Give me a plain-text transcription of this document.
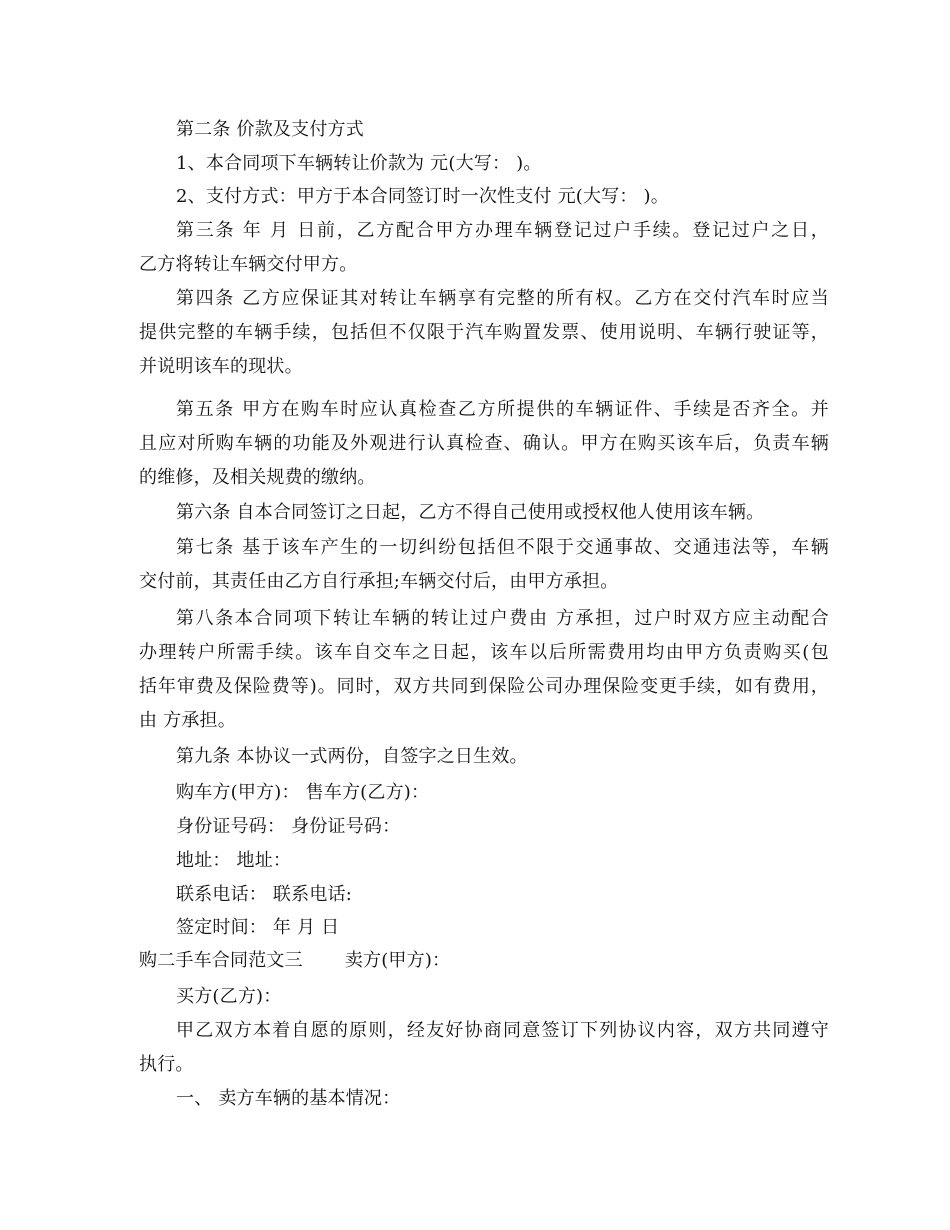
第二条 价款及支付方式
1、本合同项下车辆转让价款为 元(大写： )。
2、支付方式：甲方于本合同签订时一次性支付 元(大写： )。
第三条 年 月 日前，乙方配合甲方办理车辆登记过户手续。登记过户之日，
乙方将转让车辆交付甲方。
第四条 乙方应保证其对转让车辆享有完整的所有权。乙方在交付汽车时应当
提供完整的车辆手续，包括但不仅限于汽车购置发票、使用说明、车辆行驶证等，
并说明该车的现状。
第五条 甲方在购车时应认真检查乙方所提供的车辆证件、手续是否齐全。并
且应对所购车辆的功能及外观进行认真检查、确认。甲方在购买该车后，负责车辆
的维修，及相关规费的缴纳。
第六条 自本合同签订之日起，乙方不得自己使用或授权他人使用该车辆。
第七条 基于该车产生的一切纠纷包括但不限于交通事故、交通违法等，车辆
交付前，其责任由乙方自行承担;车辆交付后，由甲方承担。
第八条本合同项下转让车辆的转让过户费由 方承担，过户时双方应主动配合
办理转户所需手续。该车自交车之日起，该车以后所需费用均由甲方负责购买(包
括年审费及保险费等)。同时，双方共同到保险公司办理保险变更手续，如有费用，
由 方承担。
第九条 本协议一式两份，自签字之日生效。
购车方(甲方)： 售车方(乙方)：
身份证号码： 身份证号码：
地址： 地址：
联系电话： 联系电话:
签定时间： 年 月 日
购二手车合同范文三 卖方(甲方)：
买方(乙方)：
甲乙双方本着自愿的原则，经友好协商同意签订下列协议内容，双方共同遵守
执行。
一、 卖方车辆的基本情况：
